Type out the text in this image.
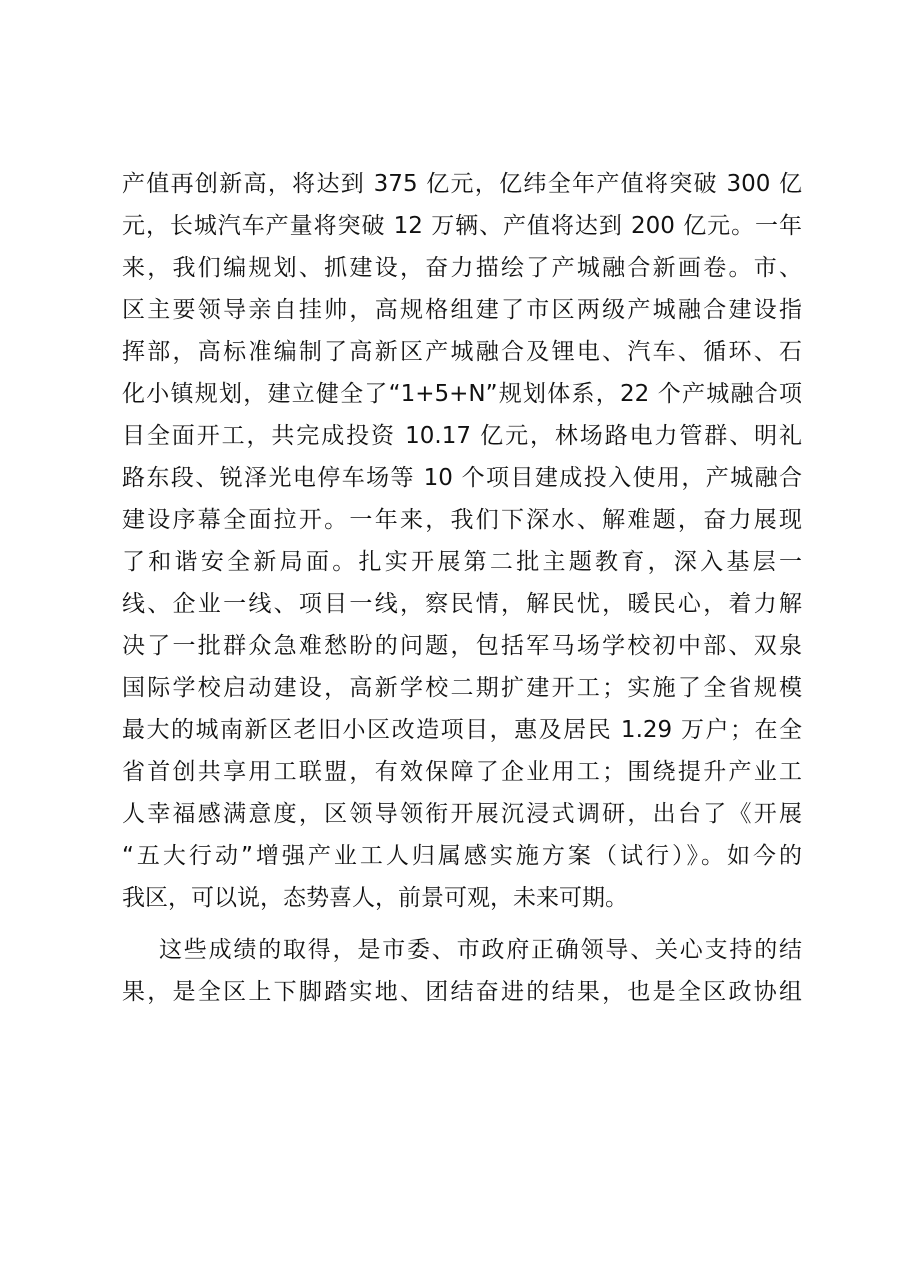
产值再创新高，将达到 375 亿元，亿纬全年产值将突破 300 亿
元，长城汽车产量将突破 12 万辆、产值将达到 200 亿元。一年
来，我们编规划、抓建设，奋力描绘了产城融合新画卷。市、
区主要领导亲自挂帅，高规格组建了市区两级产城融合建设指
挥部，高标准编制了高新区产城融合及锂电、汽车、循环、石
化小镇规划，建立健全了“1+5+N”规划体系，22 个产城融合项
目全面开工，共完成投资 10.17 亿元，林场路电力管群、明礼
路东段、锐泽光电停车场等 10 个项目建成投入使用，产城融合
建设序幕全面拉开。一年来，我们下深水、解难题，奋力展现
了和谐安全新局面。扎实开展第二批主题教育，深入基层一
线、企业一线、项目一线，察民情，解民忧，暖民心，着力解
决了一批群众急难愁盼的问题，包括军马场学校初中部、双泉
国际学校启动建设，高新学校二期扩建开工；实施了全省规模
最大的城南新区老旧小区改造项目，惠及居民 1.29 万户；在全
省首创共享用工联盟，有效保障了企业用工；围绕提升产业工
人幸福感满意度，区领导领衔开展沉浸式调研，出台了《开展
“五大行动”增强产业工人归属感实施方案（试行）》。如今的
我区，可以说，态势喜人，前景可观，未来可期。
这些成绩的取得，是市委、市政府正确领导、关心支持的结
果，是全区上下脚踏实地、团结奋进的结果，也是全区政协组
